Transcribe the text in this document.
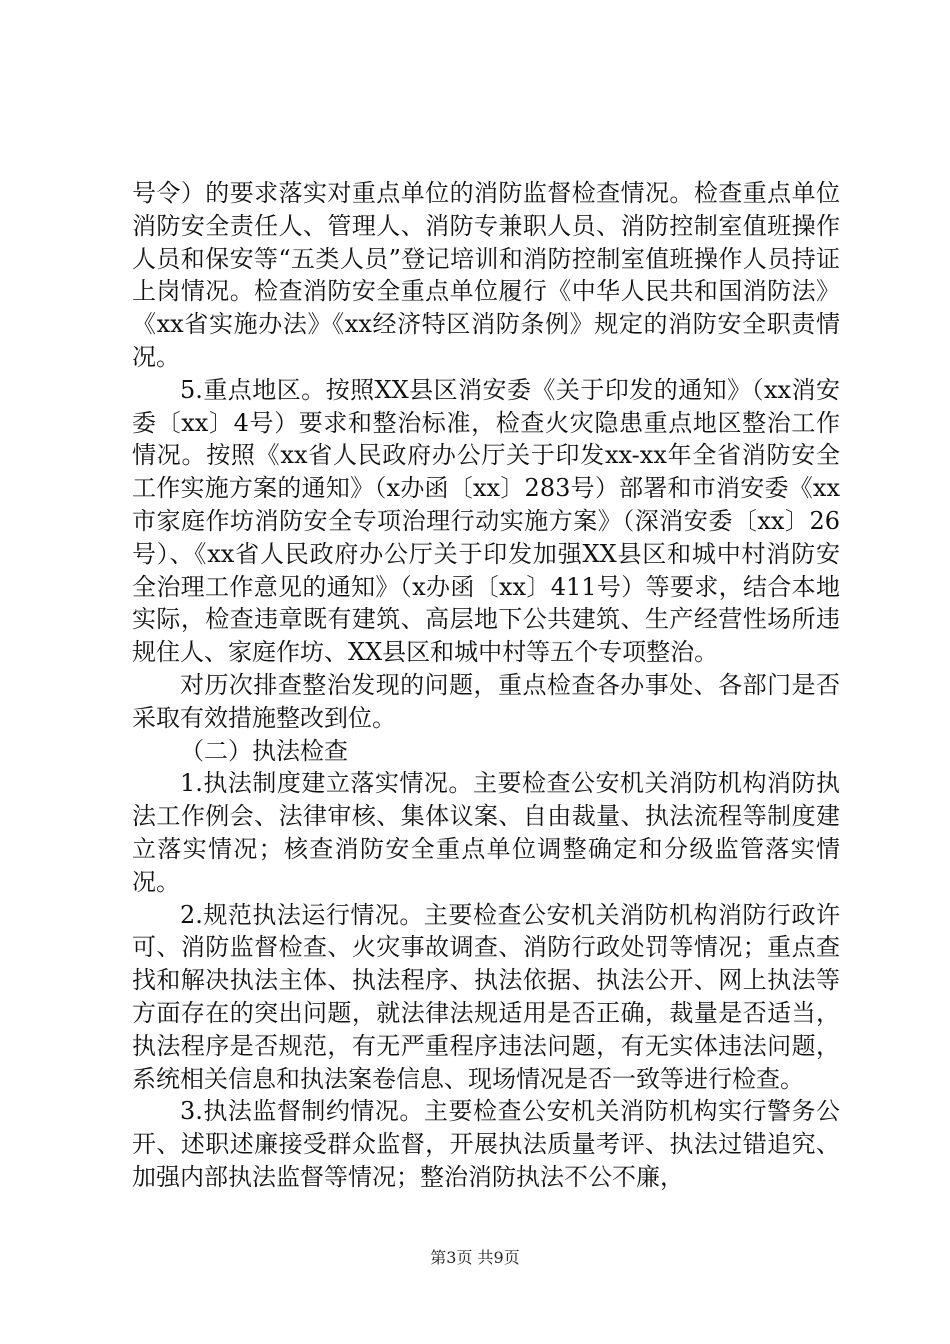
号令）的要求落实对重点单位的消防监督检查情况。检查重点单位消防安全责任人、管理人、消防专兼职人员、消防控制室值班操作人员和保安等“五类人员”登记培训和消防控制室值班操作人员持证上岗情况。检查消防安全重点单位履行《中华人民共和国消防法》《xx省实施办法》《xx经济特区消防条例》规定的消防安全职责情况。

5.重点地区。按照XX县区消安委《关于印发的通知》（xx消安委〔xx〕4号）要求和整治标准，检查火灾隐患重点地区整治工作情况。按照《xx省人民政府办公厅关于印发xx-xx年全省消防安全工作实施方案的通知》（x办函〔xx〕283号）部署和市消安委《xx市家庭作坊消防安全专项治理行动实施方案》（深消安委〔xx〕26号）、《xx省人民政府办公厅关于印发加强XX县区和城中村消防安全治理工作意见的通知》（x办函〔xx〕411号）等要求，结合本地实际，检查违章既有建筑、高层地下公共建筑、生产经营性场所违规住人、家庭作坊、XX县区和城中村等五个专项整治。

对历次排查整治发现的问题，重点检查各办事处、各部门是否采取有效措施整改到位。

（二）执法检查

1.执法制度建立落实情况。主要检查公安机关消防机构消防执法工作例会、法律审核、集体议案、自由裁量、执法流程等制度建立落实情况；核查消防安全重点单位调整确定和分级监管落实情况。

2.规范执法运行情况。主要检查公安机关消防机构消防行政许可、消防监督检查、火灾事故调查、消防行政处罚等情况；重点查找和解决执法主体、执法程序、执法依据、执法公开、网上执法等方面存在的突出问题，就法律法规适用是否正确，裁量是否适当，执法程序是否规范，有无严重程序违法问题，有无实体违法问题，系统相关信息和执法案卷信息、现场情况是否一致等进行检查。

3.执法监督制约情况。主要检查公安机关消防机构实行警务公开、述职述廉接受群众监督，开展执法质量考评、执法过错追究、加强内部执法监督等情况；整治消防执法不公不廉，

第3页 共9页
